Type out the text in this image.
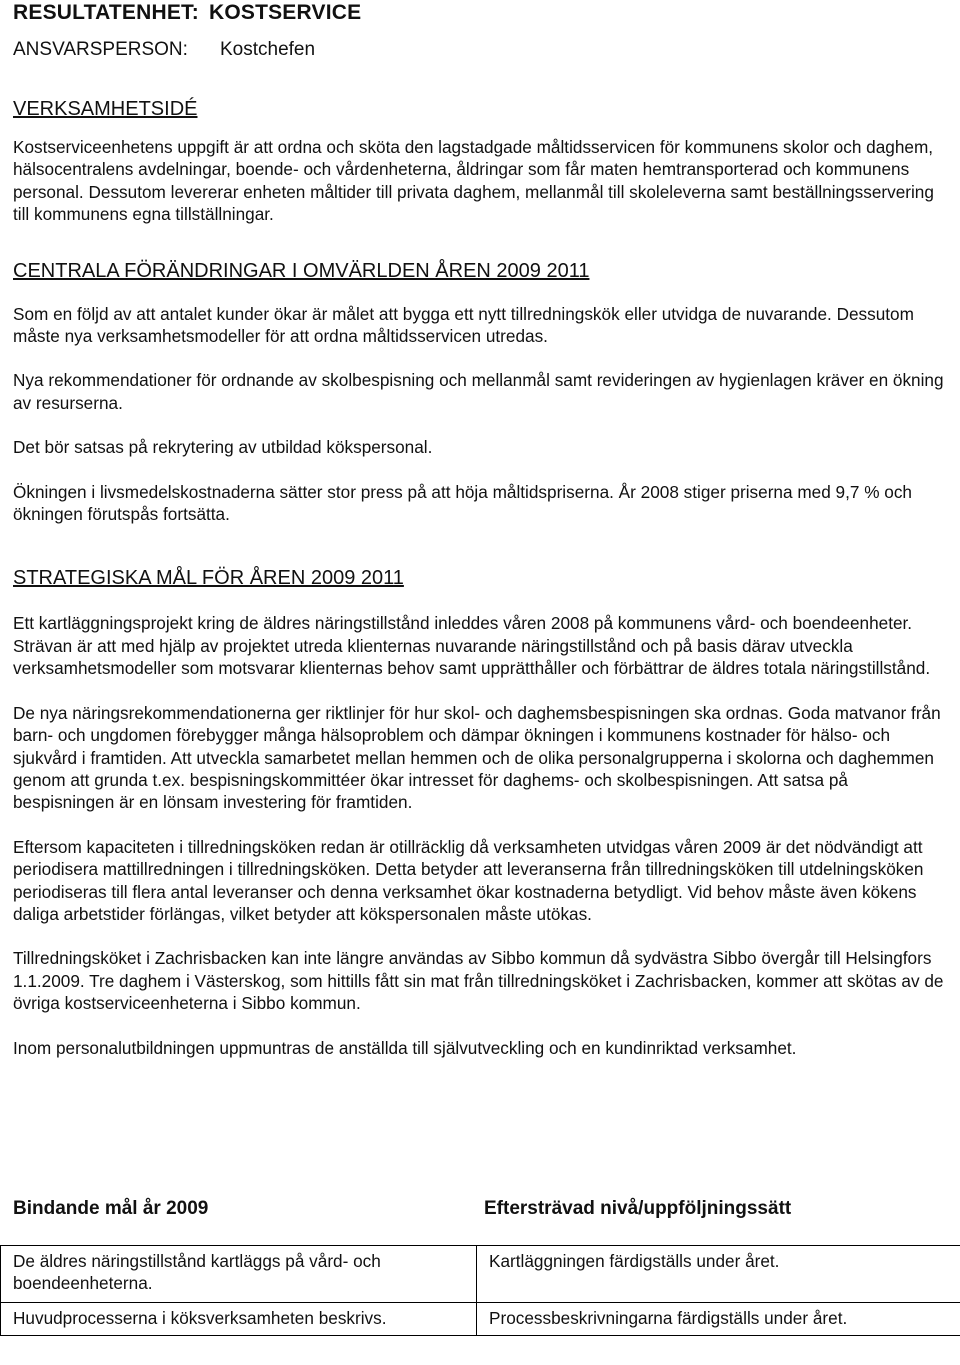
RESULTATENHET: KOSTSERVICE
ANSVARSPERSON:	Kostchefen
VERKSAMHETSIDÉ

Kostserviceenhetens uppgift är att ordna och sköta den lagstadgade måltidsservicen för kommunens skolor och daghem, hälsocentralens avdelningar, boende- och vårdenheterna, åldringar som får maten hemtransporterad och kommunens personal. Dessutom levererar enheten måltider till privata daghem, mellanmål till skoleleverna samt beställningsservering till kommunens egna tillställningar.

CENTRALA FÖRÄNDRINGAR I OMVÄRLDEN ÅREN 2009 2011

Som en följd av att antalet kunder ökar är målet att bygga ett nytt tillredningskök eller utvidga de nuvarande. Dessutom måste nya verksamhetsmodeller för att ordna måltidsservicen utredas.

Nya rekommendationer för ordnande av skolbespisning och mellanmål samt revideringen av hygienlagen kräver en ökning av resurserna.

Det bör satsas på rekrytering av utbildad kökspersonal.

Ökningen i livsmedelskostnaderna sätter stor press på att höja måltidspriserna. År 2008 stiger priserna med 9,7 % och ökningen förutspås fortsätta.

STRATEGISKA MÅL FÖR ÅREN 2009 2011

Ett kartläggningsprojekt kring de äldres näringstillstånd inleddes våren 2008 på kommunens vård- och boendeenheter. Strävan är att med hjälp av projektet utreda klienternas nuvarande näringstillstånd och på basis därav utveckla verksamhetsmodeller som motsvarar klienternas behov samt upprätthåller och förbättrar de äldres totala näringstillstånd.

De nya näringsrekommendationerna ger riktlinjer för hur skol- och daghemsbespisningen ska ordnas. Goda matvanor från barn- och ungdomen förebygger många hälsoproblem och dämpar ökningen i kommunens kostnader för hälso- och sjukvård i framtiden. Att utveckla samarbetet mellan hemmen och de olika personalgrupperna i skolorna och daghemmen genom att grunda t.ex. bespisningskommittéer ökar intresset för daghems- och skolbespisningen. Att satsa på bespisningen är en lönsam investering för framtiden.

Eftersom kapaciteten i tillredningsköken redan är otillräcklig då verksamheten utvidgas våren 2009 är det nödvändigt att periodisera mattillredningen i tillredningsköken. Detta betyder att leveranserna från tillredningsköken till utdelningsköken periodiseras till flera antal leveranser och denna verksamhet ökar kostnaderna betydligt. Vid behov måste även kökens daliga arbetstider förlängas, vilket betyder att kökspersonalen måste utökas.

Tillredningsköket i Zachrisbacken kan inte längre användas av Sibbo kommun då sydvästra Sibbo övergår till Helsingfors 1.1.2009. Tre daghem i Västerskog, som hittills fått sin mat från tillredningsköket i Zachrisbacken, kommer att skötas av de övriga kostserviceenheterna i Sibbo kommun.

Inom personalutbildningen uppmuntras de anställda till självutveckling och en kundinriktad verksamhet.

Bindande mål år 2009	Eftersträvad nivå/uppföljningssätt
De äldres näringstillstånd kartläggs på vård- och boendeenheterna.	Kartläggningen färdigställs under året.
Huvudprocesserna i köksverksamheten beskrivs.	Processbeskrivningarna färdigställs under året.
